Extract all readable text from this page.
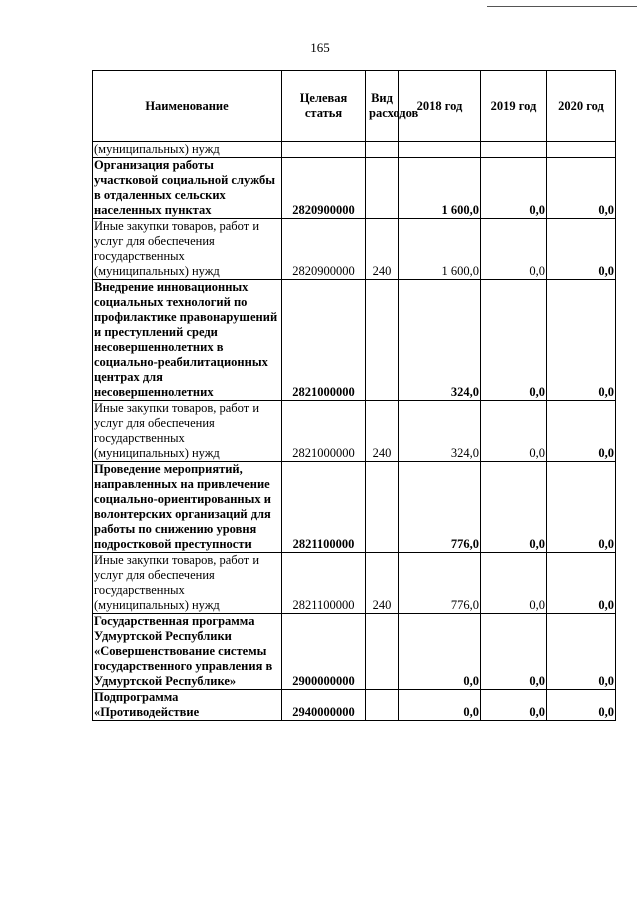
165
Наименование	Целевая статья	Вид расходов	2018 год	2019 год	2020 год
(муниципальных) нужд					
Организация работы участковой социальной службы в отдаленных сельских населенных пунктах	2820900000		1 600,0	0,0	0,0
Иные закупки товаров, работ и услуг для обеспечения государственных (муниципальных) нужд	2820900000	240	1 600,0	0,0	0,0
Внедрение инновационных социальных технологий по профилактике правонарушений и преступлений среди несовершеннолетних в социально-реабилитационных центрах для несовершеннолетних	2821000000		324,0	0,0	0,0
Иные закупки товаров, работ и услуг для обеспечения государственных (муниципальных) нужд	2821000000	240	324,0	0,0	0,0
Проведение мероприятий, направленных на привлечение социально-ориентированных и волонтерских организаций для работы по снижению уровня подростковой преступности	2821100000		776,0	0,0	0,0
Иные закупки товаров, работ и услуг для обеспечения государственных (муниципальных) нужд	2821100000	240	776,0	0,0	0,0
Государственная программа Удмуртской Республики «Совершенствование системы государственного управления в Удмуртской Республике»	2900000000		0,0	0,0	0,0
Подпрограмма «Противодействие	2940000000		0,0	0,0	0,0
